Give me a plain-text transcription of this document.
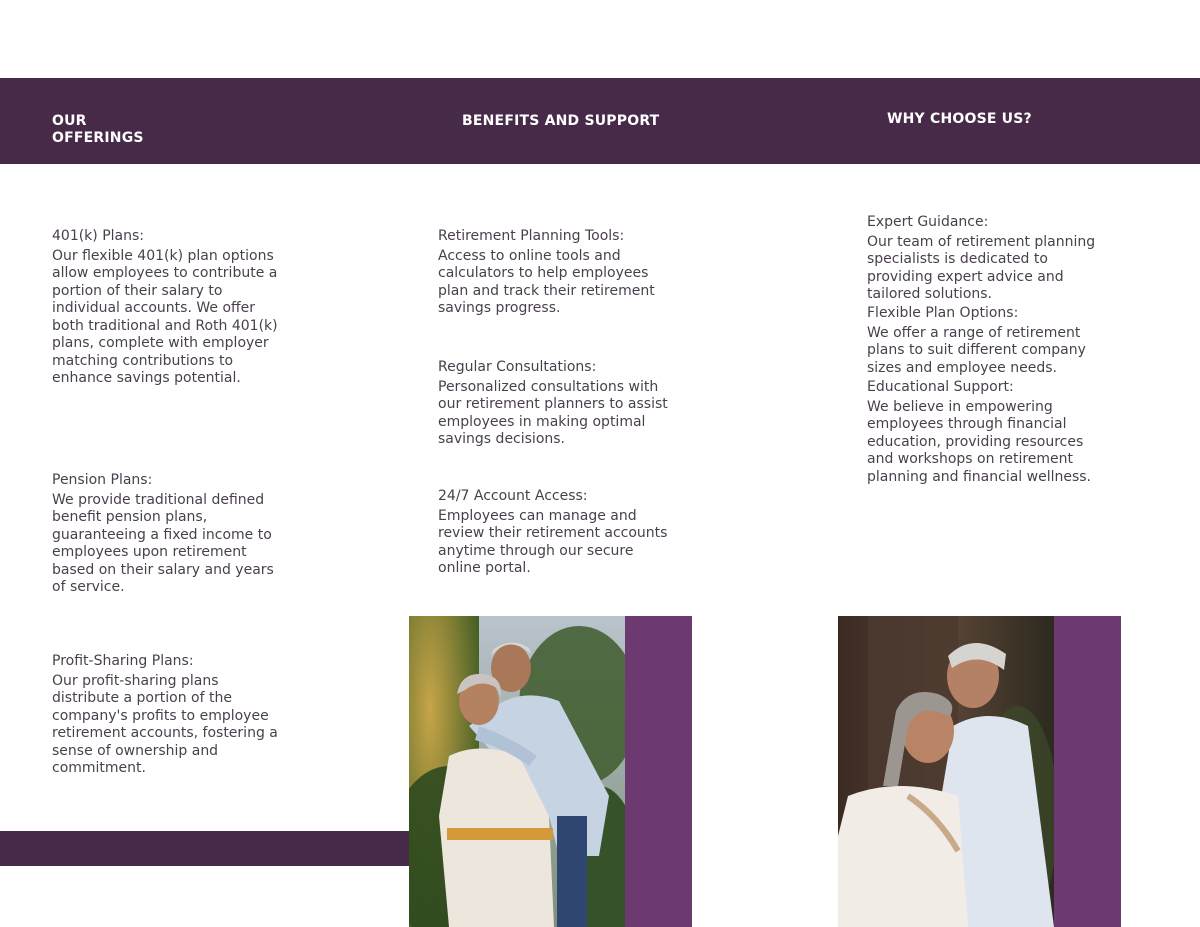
OUR
OFFERINGS
BENEFITS AND SUPPORT	WHY CHOOSE US?
401(k) Plans:
Our flexible 401(k) plan options allow employees to contribute a portion of their salary to individual accounts. We offer both traditional and Roth 401(k) plans, complete with employer matching contributions to enhance savings potential.
Pension Plans:
We provide traditional defined benefit pension plans, guaranteeing a fixed income to employees upon retirement based on their salary and years of service.
Profit-Sharing Plans:
Our profit-sharing plans distribute a portion of the company's profits to employee retirement accounts, fostering a sense of ownership and commitment.
Retirement Planning Tools:
Access to online tools and calculators to help employees plan and track their retirement savings progress.
Regular Consultations:
Personalized consultations with our retirement planners to assist employees in making optimal savings decisions.
24/7 Account Access:
Employees can manage and review their retirement accounts anytime through our secure online portal.
Expert Guidance:
Our team of retirement planning specialists is dedicated to providing expert advice and tailored solutions.
Flexible Plan Options:
We offer a range of retirement plans to suit different company sizes and employee needs.
Educational Support:
We believe in empowering employees through financial education, providing resources and workshops on retirement planning and financial wellness.
